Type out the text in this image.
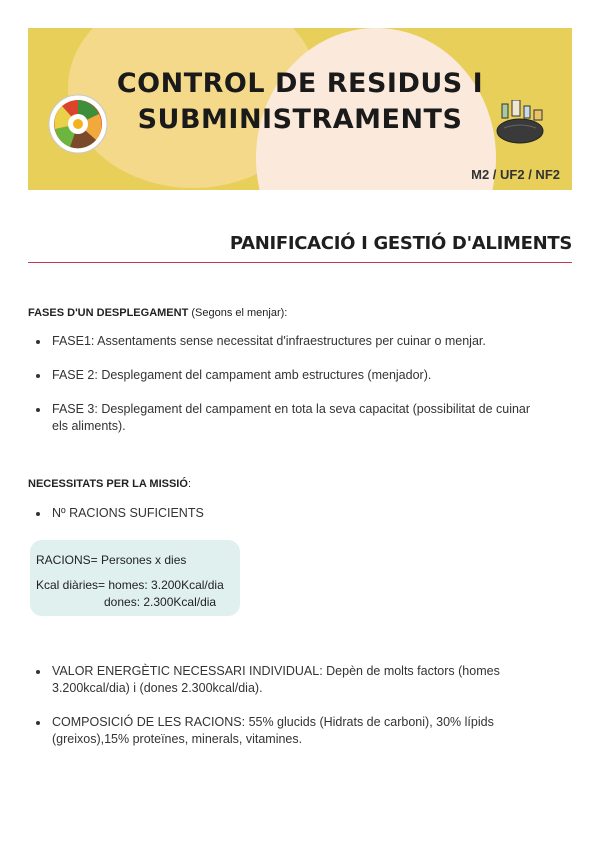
CONTROL DE RESIDUS I
SUBMINISTRAMENTS
M2 / UF2 / NF2
PANIFICACIÓ I GESTIÓ D'ALIMENTS
FASES D'UN DESPLEGAMENT (Segons el menjar):
FASE1: Assentaments sense necessitat d'infraestructures per cuinar o menjar.
FASE 2: Desplegament del campament amb estructures (menjador).
FASE 3: Desplegament del campament en tota la seva capacitat (possibilitat de cuinar els aliments).
NECESSITATS PER LA MISSIÓ:
Nº RACIONS SUFICIENTS
RACIONS= Persones x dies
Kcal diàries= homes: 3.200Kcal/dia
dones: 2.300Kcal/dia
VALOR ENERGÈTIC NECESSARI INDIVIDUAL: Depèn de molts factors (homes 3.200kcal/dia) i (dones 2.300kcal/dia).
COMPOSICIÓ DE LES RACIONS: 55% glucids (Hidrats de carboni), 30% lípids (greixos),15% proteïnes, minerals, vitamines.
